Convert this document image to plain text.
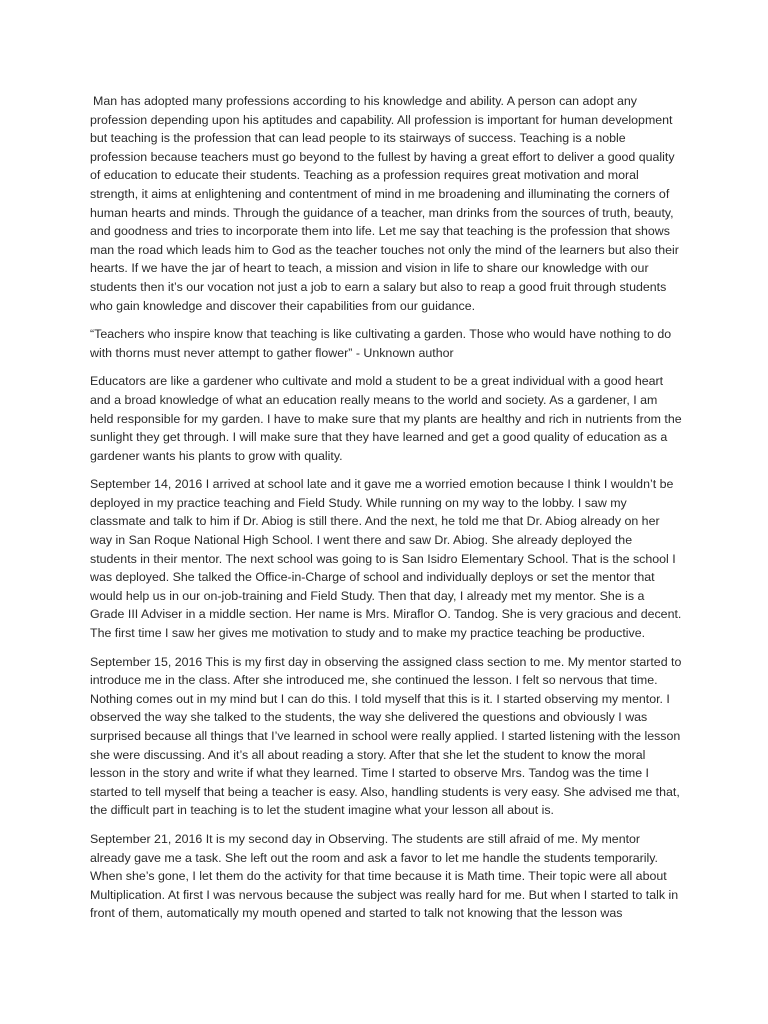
Man has adopted many professions according to his knowledge and ability. A person can adopt any profession depending upon his aptitudes and capability. All profession is important for human development but teaching is the profession that can lead people to its stairways of success. Teaching is a noble profession because teachers must go beyond to the fullest by having a great effort to deliver a good quality of education to educate their students. Teaching as a profession requires great motivation and moral strength, it aims at enlightening and contentment of mind in me broadening and illuminating the corners of human hearts and minds. Through the guidance of a teacher, man drinks from the sources of truth, beauty, and goodness and tries to incorporate them into life. Let me say that teaching is the profession that shows man the road which leads him to God as the teacher touches not only the mind of the learners but also their hearts. If we have the jar of heart to teach, a mission and vision in life to share our knowledge with our students then it’s our vocation not just a job to earn a salary but also to reap a good fruit through students who gain knowledge and discover their capabilities from our guidance.

“Teachers who inspire know that teaching is like cultivating a garden. Those who would have nothing to do with thorns must never attempt to gather flower” - Unknown author

Educators are like a gardener who cultivate and mold a student to be a great individual with a good heart and a broad knowledge of what an education really means to the world and society. As a gardener, I am held responsible for my garden. I have to make sure that my plants are healthy and rich in nutrients from the sunlight they get through. I will make sure that they have learned and get a good quality of education as a gardener wants his plants to grow with quality.

September 14, 2016 I arrived at school late and it gave me a worried emotion because I think I wouldn’t be deployed in my practice teaching and Field Study. While running on my way to the lobby. I saw my classmate and talk to him if Dr. Abiog is still there. And the next, he told me that Dr. Abiog already on her way in San Roque National High School. I went there and saw Dr. Abiog. She already deployed the students in their mentor. The next school was going to is San Isidro Elementary School. That is the school I was deployed. She talked the Office-in-Charge of school and individually deploys or set the mentor that would help us in our on-job-training and Field Study. Then that day, I already met my mentor. She is a Grade III Adviser in a middle section. Her name is Mrs. Miraflor O. Tandog. She is very gracious and decent. The first time I saw her gives me motivation to study and to make my practice teaching be productive.

September 15, 2016 This is my first day in observing the assigned class section to me. My mentor started to introduce me in the class. After she introduced me, she continued the lesson. I felt so nervous that time. Nothing comes out in my mind but I can do this. I told myself that this is it. I started observing my mentor. I observed the way she talked to the students, the way she delivered the questions and obviously I was surprised because all things that I’ve learned in school were really applied. I started listening with the lesson she were discussing. And it’s all about reading a story. After that she let the student to know the moral lesson in the story and write if what they learned. Time I started to observe Mrs. Tandog was the time I started to tell myself that being a teacher is easy. Also, handling students is very easy. She advised me that, the difficult part in teaching is to let the student imagine what your lesson all about is.

September 21, 2016 It is my second day in Observing. The students are still afraid of me. My mentor already gave me a task. She left out the room and ask a favor to let me handle the students temporarily. When she’s gone, I let them do the activity for that time because it is Math time. Their topic were all about Multiplication. At first I was nervous because the subject was really hard for me. But when I started to talk in front of them, automatically my mouth opened and started to talk not knowing that the lesson was
